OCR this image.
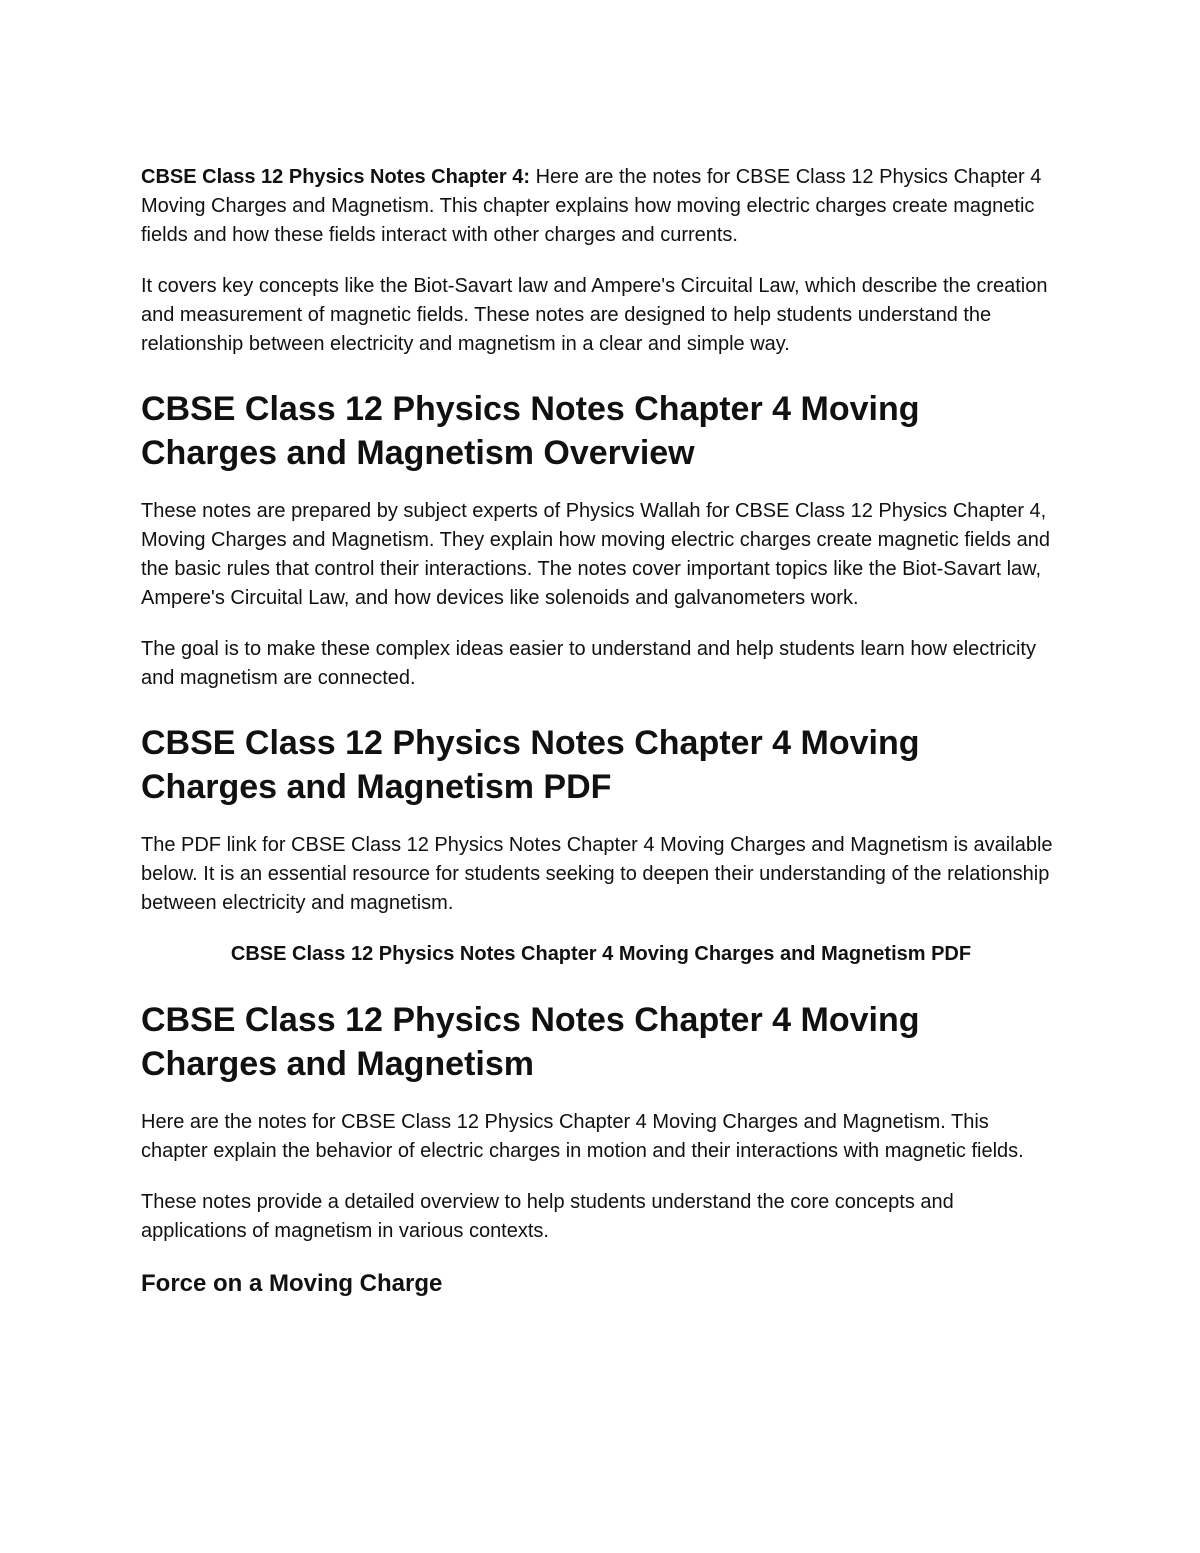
CBSE Class 12 Physics Notes Chapter 4: Here are the notes for CBSE Class 12 Physics Chapter 4 Moving Charges and Magnetism. This chapter explains how moving electric charges create magnetic fields and how these fields interact with other charges and currents.

It covers key concepts like the Biot-Savart law and Ampere's Circuital Law, which describe the creation and measurement of magnetic fields. These notes are designed to help students understand the relationship between electricity and magnetism in a clear and simple way.

CBSE Class 12 Physics Notes Chapter 4 Moving Charges and Magnetism Overview

These notes are prepared by subject experts of Physics Wallah for CBSE Class 12 Physics Chapter 4, Moving Charges and Magnetism. They explain how moving electric charges create magnetic fields and the basic rules that control their interactions. The notes cover important topics like the Biot-Savart law, Ampere's Circuital Law, and how devices like solenoids and galvanometers work.

The goal is to make these complex ideas easier to understand and help students learn how electricity and magnetism are connected.

CBSE Class 12 Physics Notes Chapter 4 Moving Charges and Magnetism PDF

The PDF link for CBSE Class 12 Physics Notes Chapter 4 Moving Charges and Magnetism is available below. It is an essential resource for students seeking to deepen their understanding of the relationship between electricity and magnetism.

CBSE Class 12 Physics Notes Chapter 4 Moving Charges and Magnetism PDF

CBSE Class 12 Physics Notes Chapter 4 Moving Charges and Magnetism

Here are the notes for CBSE Class 12 Physics Chapter 4 Moving Charges and Magnetism. This chapter explain the behavior of electric charges in motion and their interactions with magnetic fields.

These notes provide a detailed overview to help students understand the core concepts and applications of magnetism in various contexts.

Force on a Moving Charge
